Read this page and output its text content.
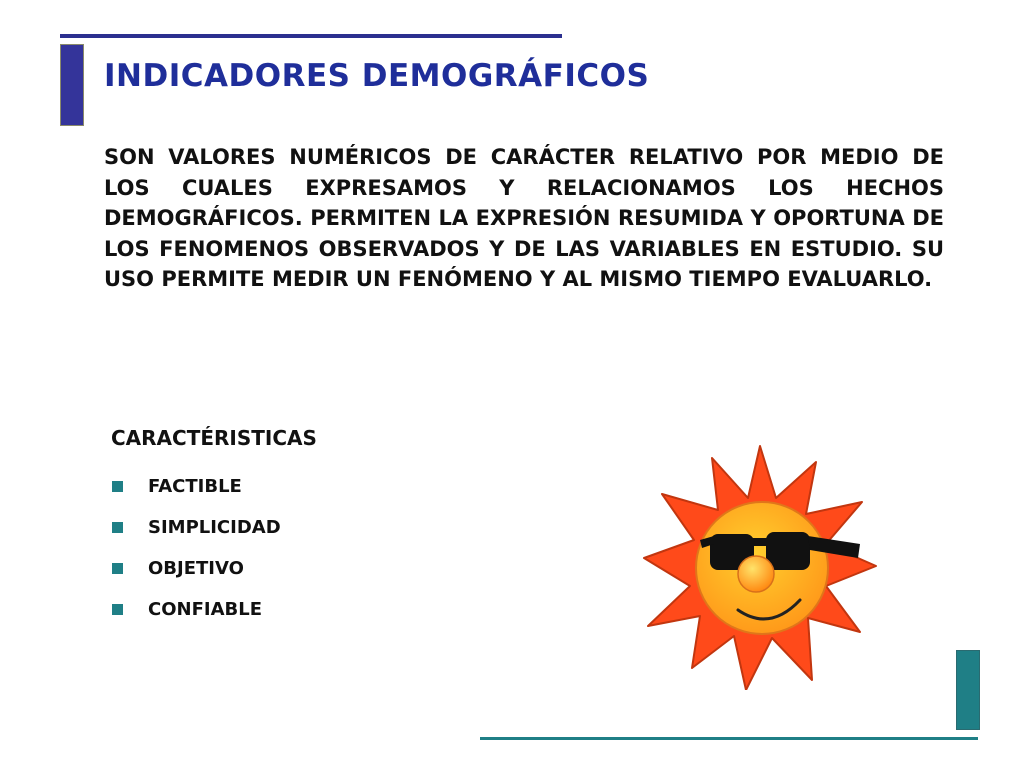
INDICADORES DEMOGRÁFICOS

SON VALORES NUMÉRICOS DE CARÁCTER RELATIVO POR MEDIO DE LOS CUALES EXPRESAMOS Y RELACIONAMOS LOS HECHOS DEMOGRÁFICOS. PERMITEN LA EXPRESIÓN RESUMIDA Y OPORTUNA DE LOS FENOMENOS OBSERVADOS Y DE LAS VARIABLES EN ESTUDIO. SU USO PERMITE MEDIR UN FENÓMENO Y AL MISMO TIEMPO EVALUARLO.

CARACTÉRISTICAS
FACTIBLE
SIMPLICIDAD
OBJETIVO
CONFIABLE
